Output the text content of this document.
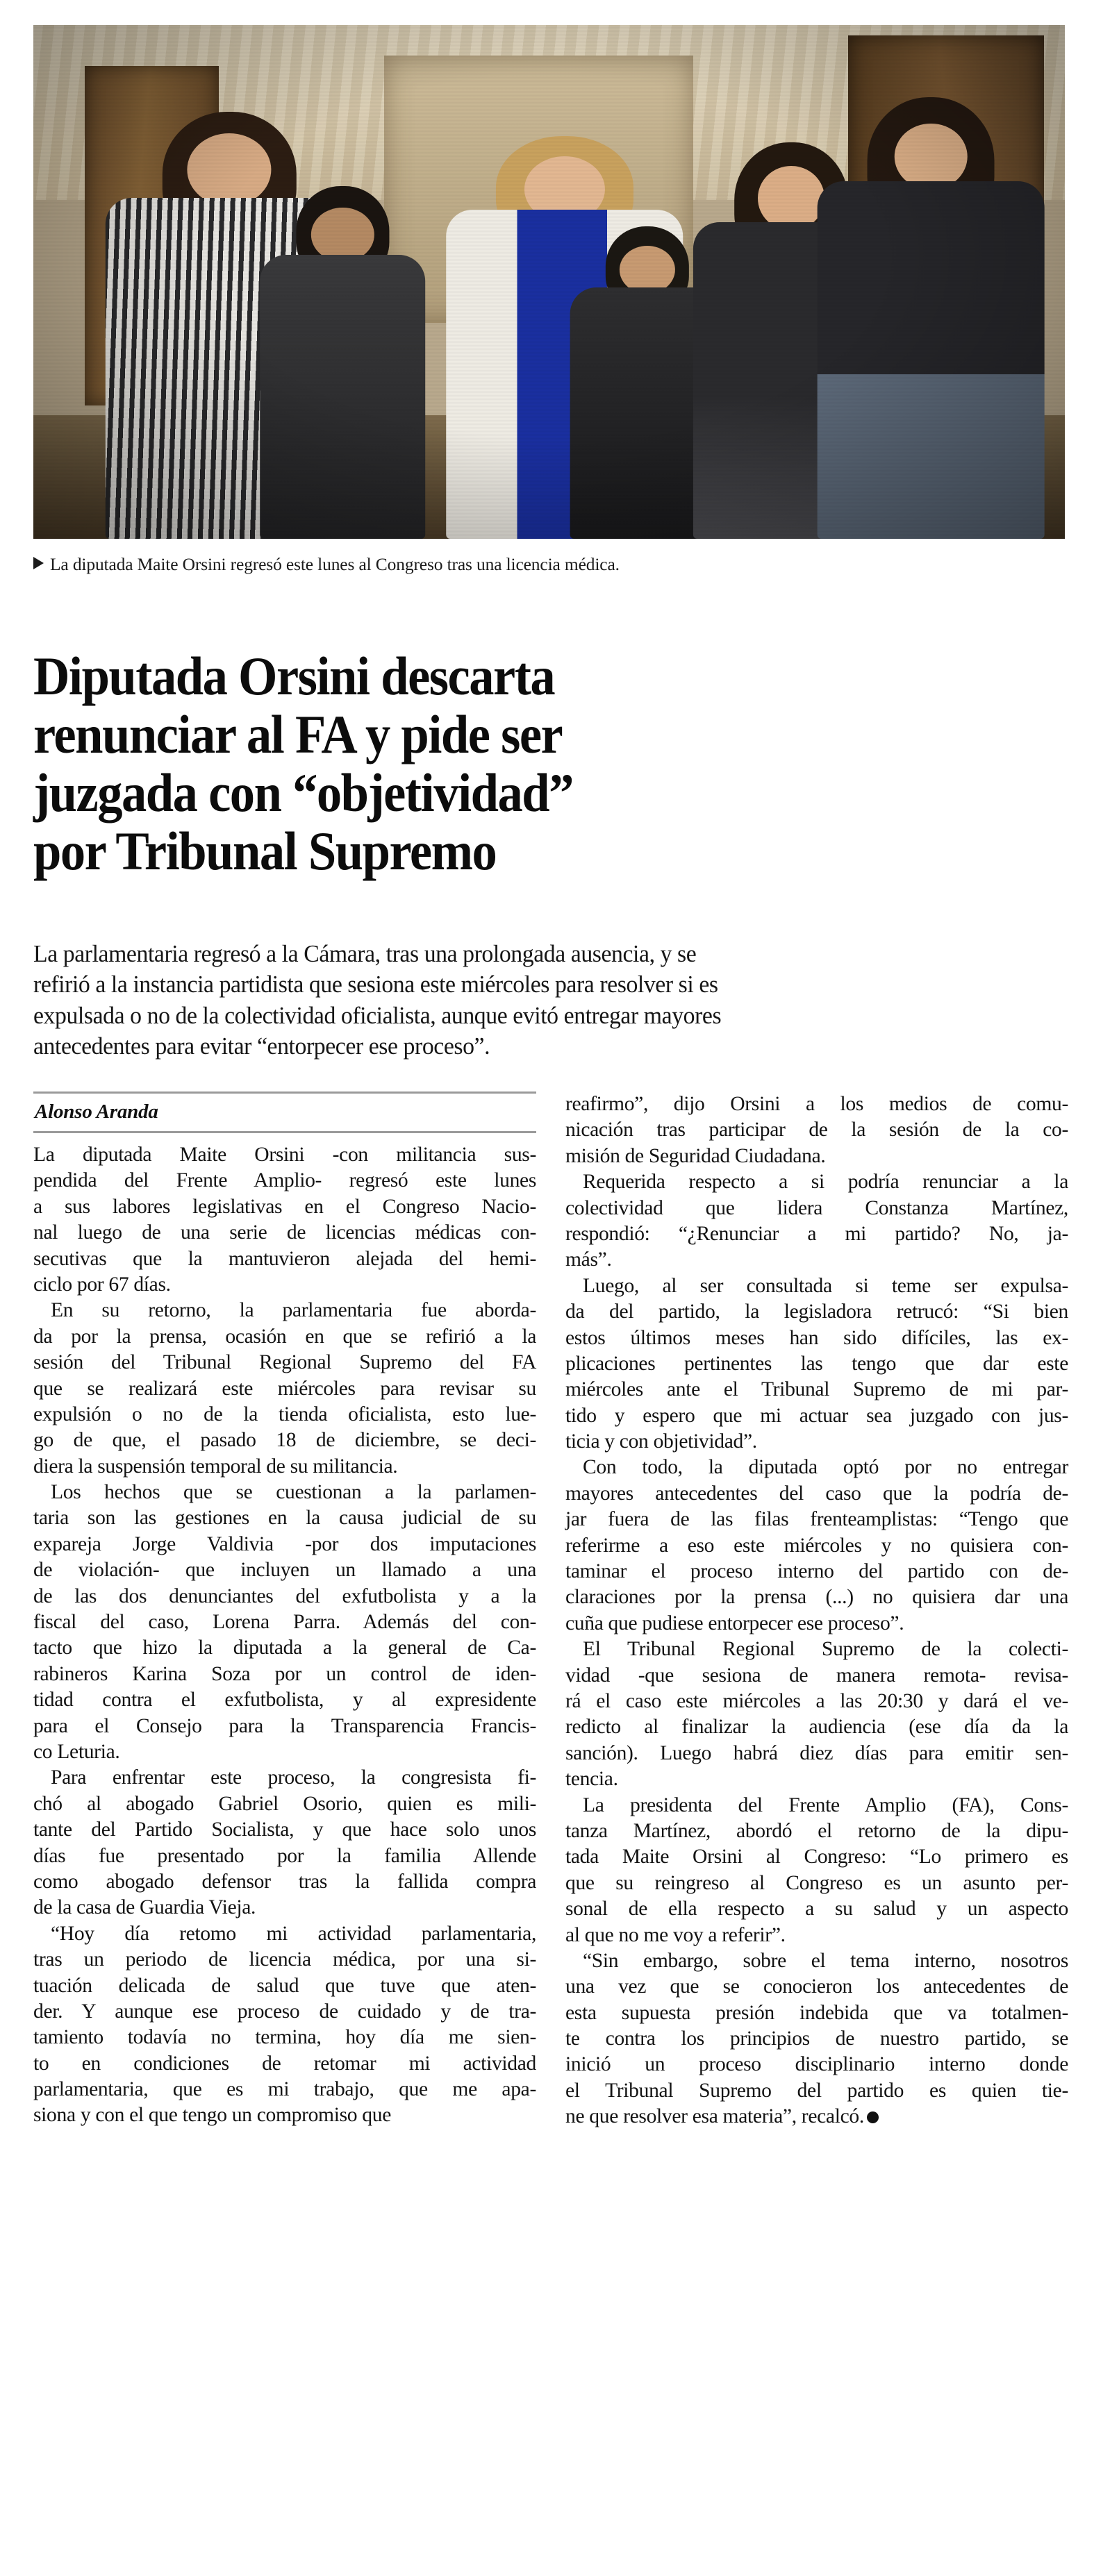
La diputada Maite Orsini regresó este lunes al Congreso tras una licencia médica.
Diputada Orsini descarta
renunciar al FA y pide ser
juzgada con “objetividad”
por Tribunal Supremo
La parlamentaria regresó a la Cámara, tras una prolongada ausencia, y se
refirió a la instancia partidista que sesiona este miércoles para resolver si es
expulsada o no de la colectividad oficialista, aunque evitó entregar mayores
antecedentes para evitar “entorpecer ese proceso”.
Alonso Aranda
La diputada Maite Orsini -con militancia sus-
pendida del Frente Amplio- regresó este lunes
a sus labores legislativas en el Congreso Nacio-
nal luego de una serie de licencias médicas con-
secutivas que la mantuvieron alejada del hemi-
ciclo por 67 días.
En su retorno, la parlamentaria fue aborda-
da por la prensa, ocasión en que se refirió a la
sesión del Tribunal Regional Supremo del FA
que se realizará este miércoles para revisar su
expulsión o no de la tienda oficialista, esto lue-
go de que, el pasado 18 de diciembre, se deci-
diera la suspensión temporal de su militancia.
Los hechos que se cuestionan a la parlamen-
taria son las gestiones en la causa judicial de su
expareja Jorge Valdivia -por dos imputaciones
de violación- que incluyen un llamado a una
de las dos denunciantes del exfutbolista y a la
fiscal del caso, Lorena Parra. Además del con-
tacto que hizo la diputada a la general de Ca-
rabineros Karina Soza por un control de iden-
tidad contra el exfutbolista, y al expresidente
para el Consejo para la Transparencia Francis-
co Leturia.
Para enfrentar este proceso, la congresista fi-
chó al abogado Gabriel Osorio, quien es mili-
tante del Partido Socialista, y que hace solo unos
días fue presentado por la familia Allende
como abogado defensor tras la fallida compra
de la casa de Guardia Vieja.
“Hoy día retomo mi actividad parlamentaria,
tras un periodo de licencia médica, por una si-
tuación delicada de salud que tuve que aten-
der. Y aunque ese proceso de cuidado y de tra-
tamiento todavía no termina, hoy día me sien-
to en condiciones de retomar mi actividad
parlamentaria, que es mi trabajo, que me apa-
siona y con el que tengo un compromiso que
reafirmo”, dijo Orsini a los medios de comu-
nicación tras participar de la sesión de la co-
misión de Seguridad Ciudadana.
Requerida respecto a si podría renunciar a la
colectividad que lidera Constanza Martínez,
respondió: “¿Renunciar a mi partido? No, ja-
más”.
Luego, al ser consultada si teme ser expulsa-
da del partido, la legisladora retrucó: “Si bien
estos últimos meses han sido difíciles, las ex-
plicaciones pertinentes las tengo que dar este
miércoles ante el Tribunal Supremo de mi par-
tido y espero que mi actuar sea juzgado con jus-
ticia y con objetividad”.
Con todo, la diputada optó por no entregar
mayores antecedentes del caso que la podría de-
jar fuera de las filas frenteamplistas: “Tengo que
referirme a eso este miércoles y no quisiera con-
taminar el proceso interno del partido con de-
claraciones por la prensa (...) no quisiera dar una
cuña que pudiese entorpecer ese proceso”.
El Tribunal Regional Supremo de la colecti-
vidad -que sesiona de manera remota- revisa-
rá el caso este miércoles a las 20:30 y dará el ve-
redicto al finalizar la audiencia (ese día da la
sanción). Luego habrá diez días para emitir sen-
tencia.
La presidenta del Frente Amplio (FA), Cons-
tanza Martínez, abordó el retorno de la dipu-
tada Maite Orsini al Congreso: “Lo primero es
que su reingreso al Congreso es un asunto per-
sonal de ella respecto a su salud y un aspecto
al que no me voy a referir”.
“Sin embargo, sobre el tema interno, nosotros
una vez que se conocieron los antecedentes de
esta supuesta presión indebida que va totalmen-
te contra los principios de nuestro partido, se
inició un proceso disciplinario interno donde
el Tribunal Supremo del partido es quien tie-
ne que resolver esa materia”, recalcó.
